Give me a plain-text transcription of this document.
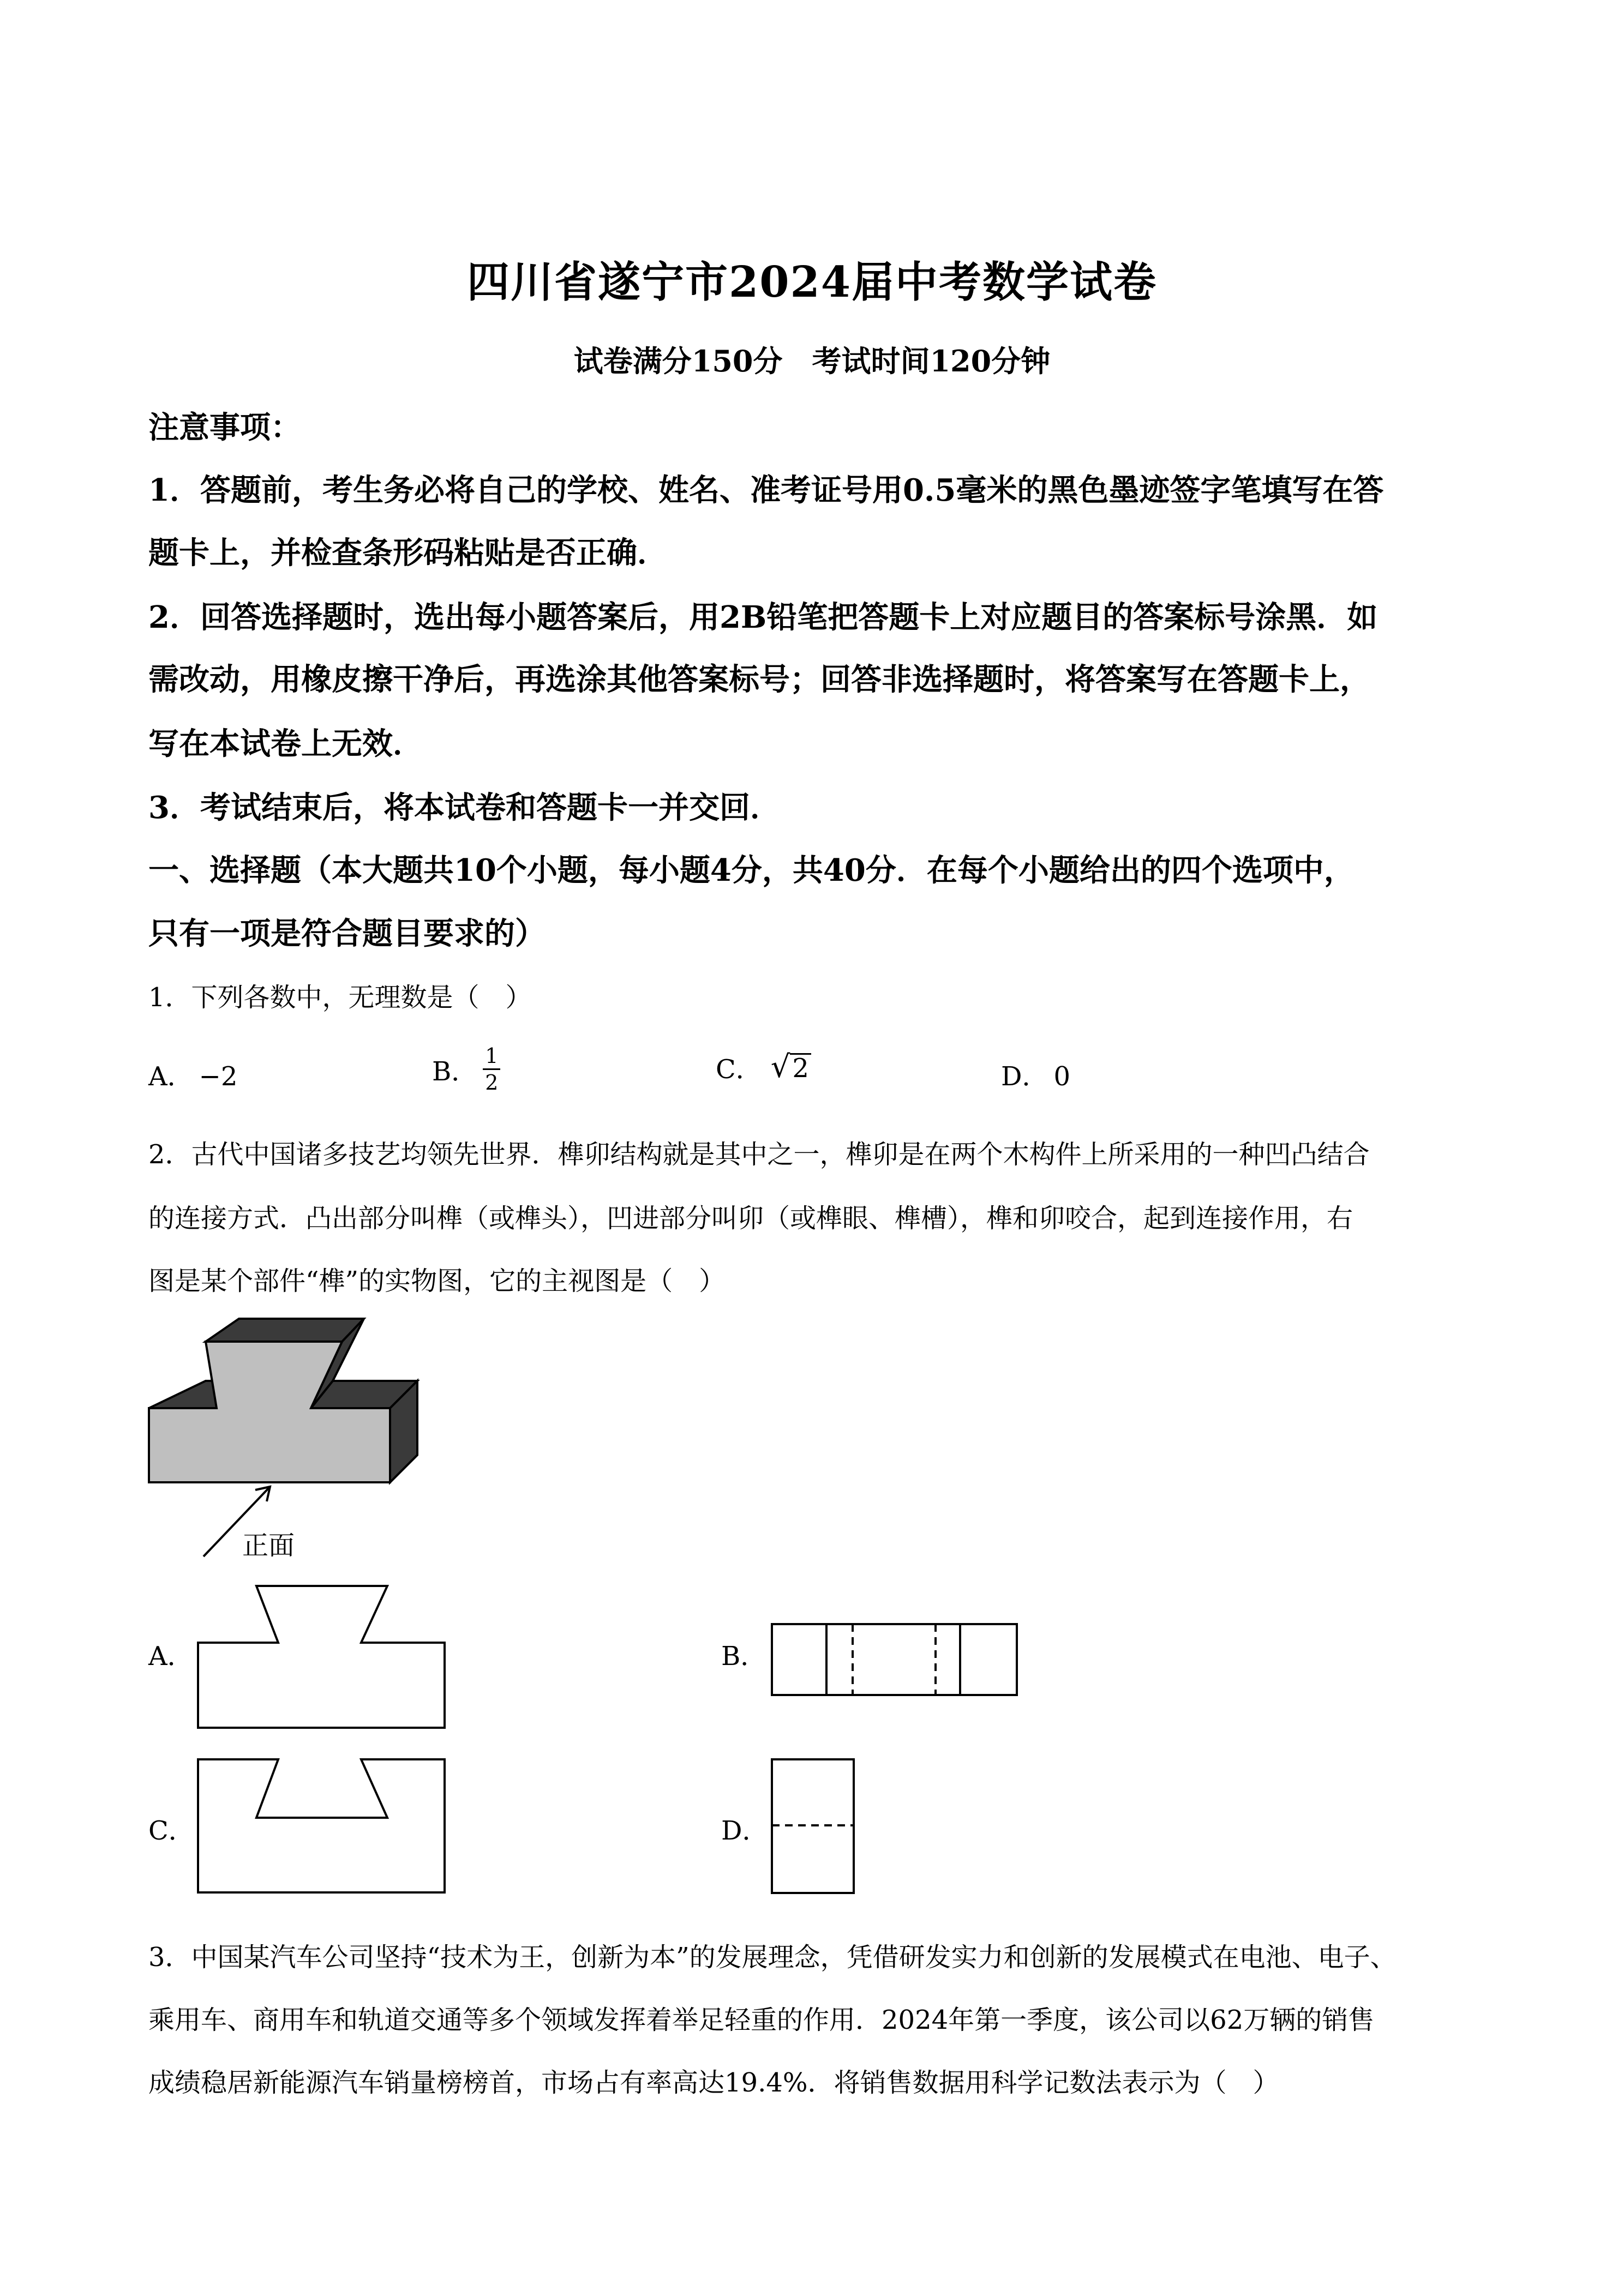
四川省遂宁市2024届中考数学试卷
试卷满分150分　考试时间120分钟
注意事项：
1．答题前，考生务必将自己的学校、姓名、准考证号用0.5毫米的黑色墨迹签字笔填写在答
题卡上，并检查条形码粘贴是否正确．
2．回答选择题时，选出每小题答案后，用2B铅笔把答题卡上对应题目的答案标号涂黑．如
需改动，用橡皮擦干净后，再选涂其他答案标号；回答非选择题时，将答案写在答题卡上，
写在本试卷上无效．
3．考试结束后，将本试卷和答题卡一并交回．
一、选择题（本大题共10个小题，每小题4分，共40分．在每个小题给出的四个选项中，
只有一项是符合题目要求的）
1．下列各数中，无理数是（　）
A． −2	B． $\frac{1}{2}$	C． √ 2	D． 0
2．古代中国诸多技艺均领先世界．榫卯结构就是其中之一，榫卯是在两个木构件上所采用的一种凹凸结合
的连接方式．凸出部分叫榫（或榫头），凹进部分叫卯（或榫眼、榫槽），榫和卯咬合，起到连接作用，右
图是某个部件“榫”的实物图，它的主视图是（　）
正面
A．	B．
C．	D．
3．中国某汽车公司坚持“技术为王，创新为本”的发展理念，凭借研发实力和创新的发展模式在电池、电子、
乘用车、商用车和轨道交通等多个领域发挥着举足轻重的作用．2024年第一季度，该公司以62万辆的销售
成绩稳居新能源汽车销量榜榜首，市场占有率高达19.4%．将销售数据用科学记数法表示为（　）
